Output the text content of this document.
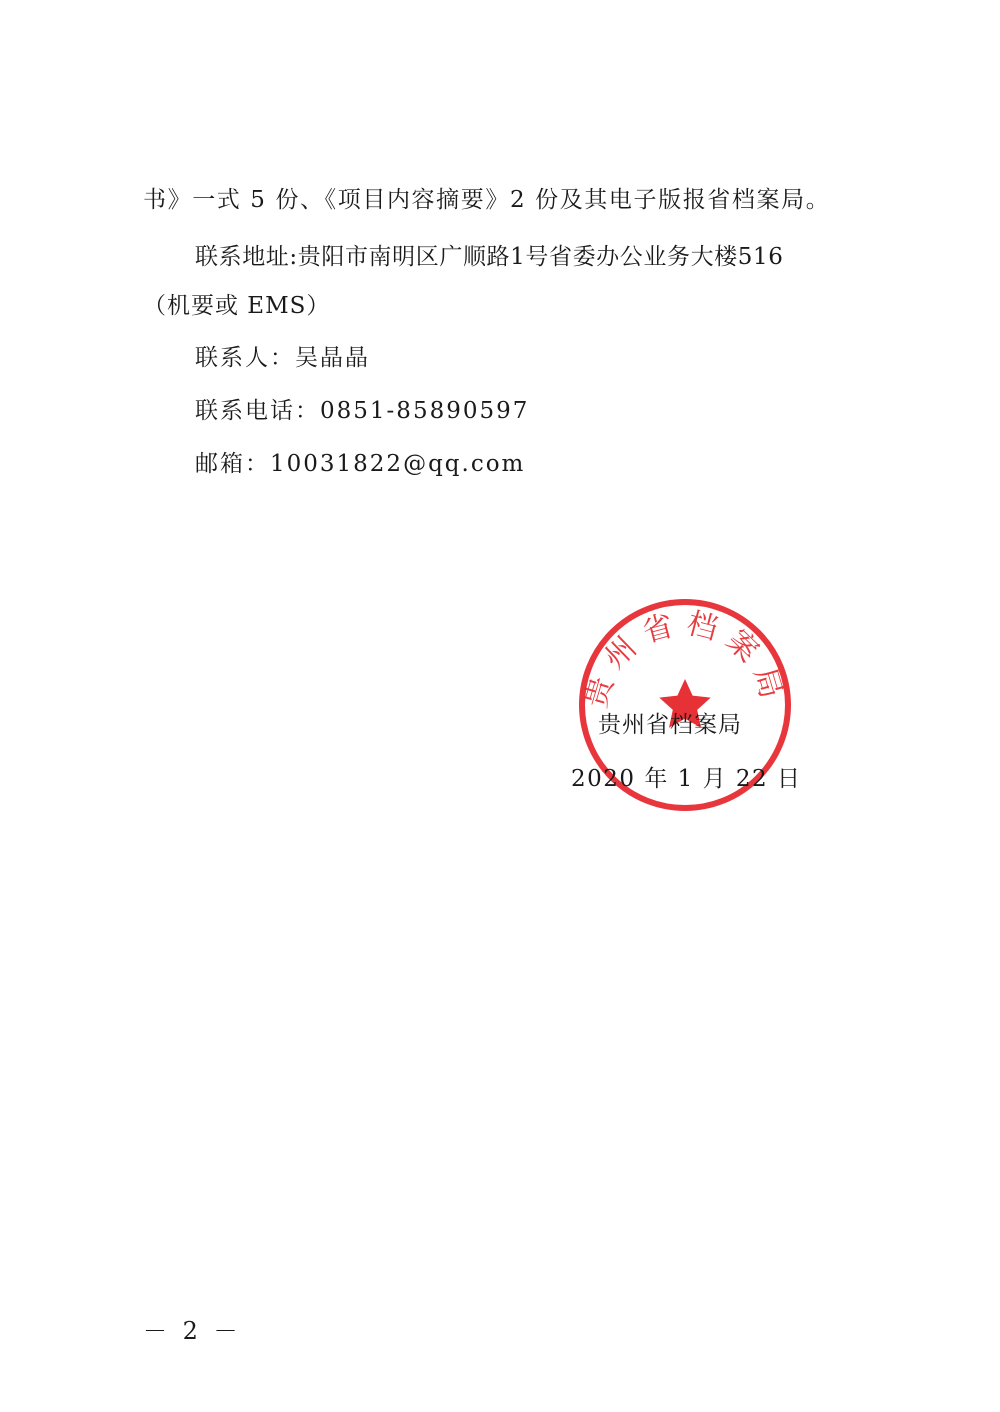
书》一式 5 份、《项目内容摘要》2 份及其电子版报省档案局。
联系地址:贵阳市南明区广顺路1号省委办公业务大楼516
（机要或 EMS）
联系人：吴晶晶
联系电话：0851-85890597
邮箱：10031822@qq.com
贵州省档案局
贵州省档案局
2020 年 1 月 22 日
－ 2 －
